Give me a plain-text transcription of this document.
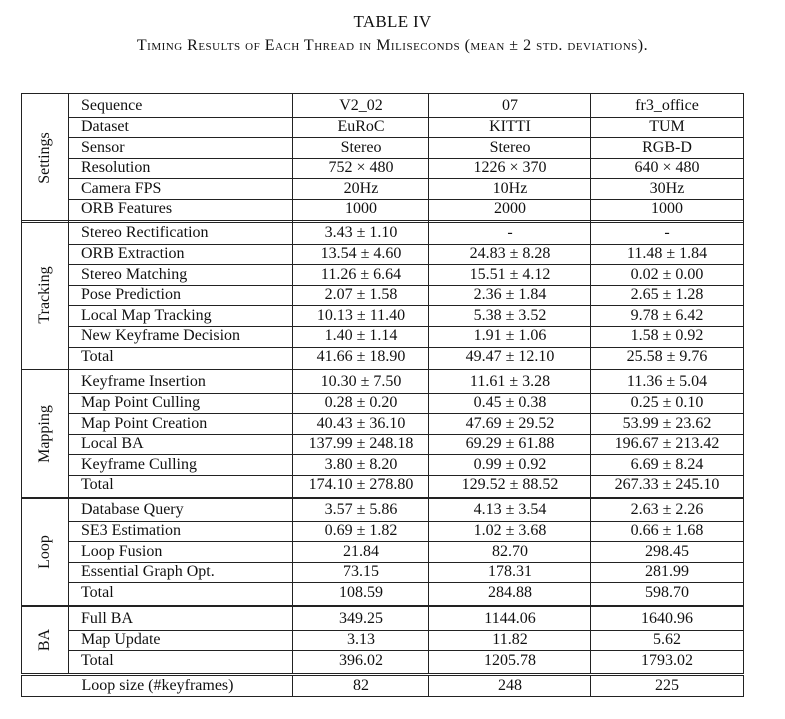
TABLE IV
Timing Results of Each Thread in Miliseconds (mean ± 2 std. deviations).
Settings
Sequence	V2_02	07	fr3_office
Dataset	EuRoC	KITTI	TUM
Sensor	Stereo	Stereo	RGB-D
Resolution	752 × 480	1226 × 370	640 × 480
Camera FPS	20Hz	10Hz	30Hz
ORB Features	1000	2000	1000
Tracking
Stereo Rectification	3.43 ± 1.10	-	-
ORB Extraction	13.54 ± 4.60	24.83 ± 8.28	11.48 ± 1.84
Stereo Matching	11.26 ± 6.64	15.51 ± 4.12	0.02 ± 0.00
Pose Prediction	2.07 ± 1.58	2.36 ± 1.84	2.65 ± 1.28
Local Map Tracking	10.13 ± 11.40	5.38 ± 3.52	9.78 ± 6.42
New Keyframe Decision	1.40 ± 1.14	1.91 ± 1.06	1.58 ± 0.92
Total	41.66 ± 18.90	49.47 ± 12.10	25.58 ± 9.76
Mapping
Keyframe Insertion	10.30 ± 7.50	11.61 ± 3.28	11.36 ± 5.04
Map Point Culling	0.28 ± 0.20	0.45 ± 0.38	0.25 ± 0.10
Map Point Creation	40.43 ± 36.10	47.69 ± 29.52	53.99 ± 23.62
Local BA	137.99 ± 248.18	69.29 ± 61.88	196.67 ± 213.42
Keyframe Culling	3.80 ± 8.20	0.99 ± 0.92	6.69 ± 8.24
Total	174.10 ± 278.80	129.52 ± 88.52	267.33 ± 245.10
Loop
Database Query	3.57 ± 5.86	4.13 ± 3.54	2.63 ± 2.26
SE3 Estimation	0.69 ± 1.82	1.02 ± 3.68	0.66 ± 1.68
Loop Fusion	21.84	82.70	298.45
Essential Graph Opt.	73.15	178.31	281.99
Total	108.59	284.88	598.70
BA
Full BA	349.25	1144.06	1640.96
Map Update	3.13	11.82	5.62
Total	396.02	1205.78	1793.02
Loop size (#keyframes)	82	248	225
